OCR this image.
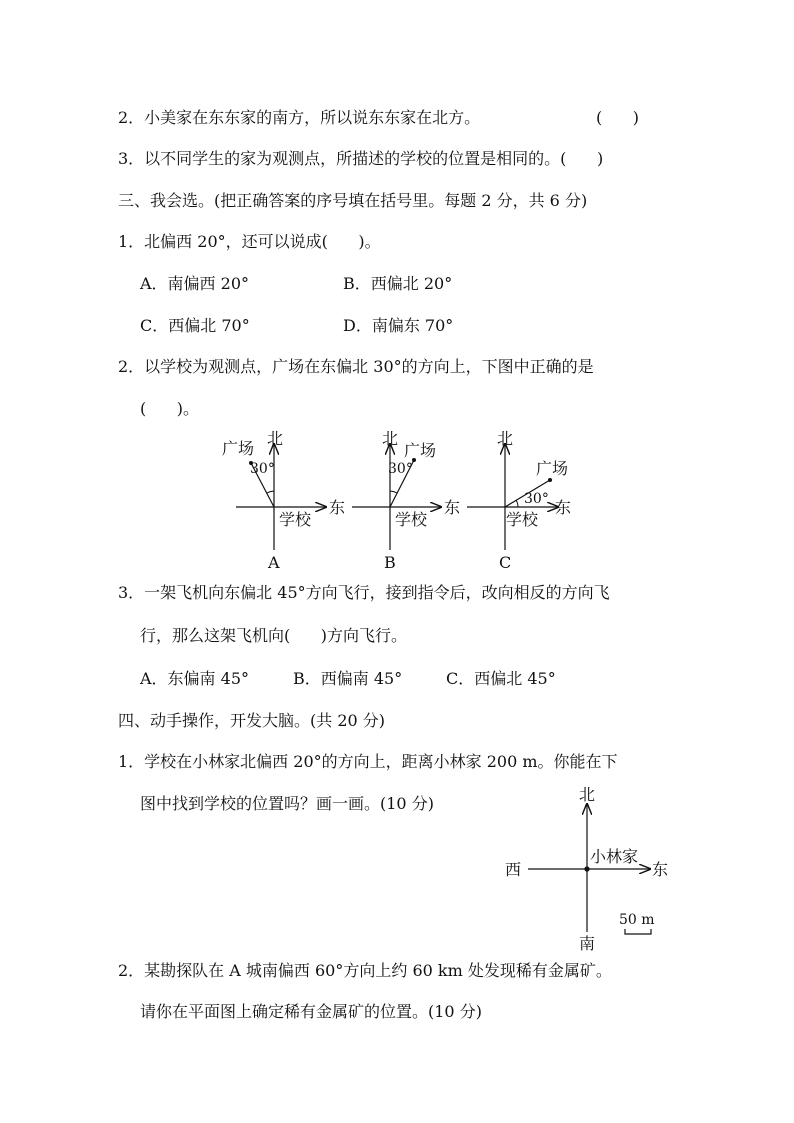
2．小美家在东东家的南方，所以说东东家在北方。	(      )
3．以不同学生的家为观测点，所描述的学校的位置是相同的。(      )
三、我会选。(把正确答案的序号填在括号里。每题 2 分，共 6 分)
1．北偏西 20°，还可以说成(      )。
A．南偏西 20°	B．西偏北 20°
C．西偏北 70°	D．南偏东 70°
2．以学校为观测点，广场在东偏北 30°的方向上，下图中正确的是
(      )。
北
广场
30°
东
学校
A
北
广场
30°
东
学校
B
北
广场
30° 东
学校
C
北
西	东
南
小林家
50 m
3．一架飞机向东偏北 45°方向飞行，接到指令后，改向相反的方向飞
行，那么这架飞机向(      )方向飞行。
A．东偏南 45°	B．西偏南 45°	C．西偏北 45°
四、动手操作，开发大脑。(共 20 分)
1．学校在小林家北偏西 20°的方向上，距离小林家 200 m。你能在下
图中找到学校的位置吗？画一画。(10 分)
2．某勘探队在 A 城南偏西 60°方向上约 60 km 处发现稀有金属矿。
请你在平面图上确定稀有金属矿的位置。(10 分)
